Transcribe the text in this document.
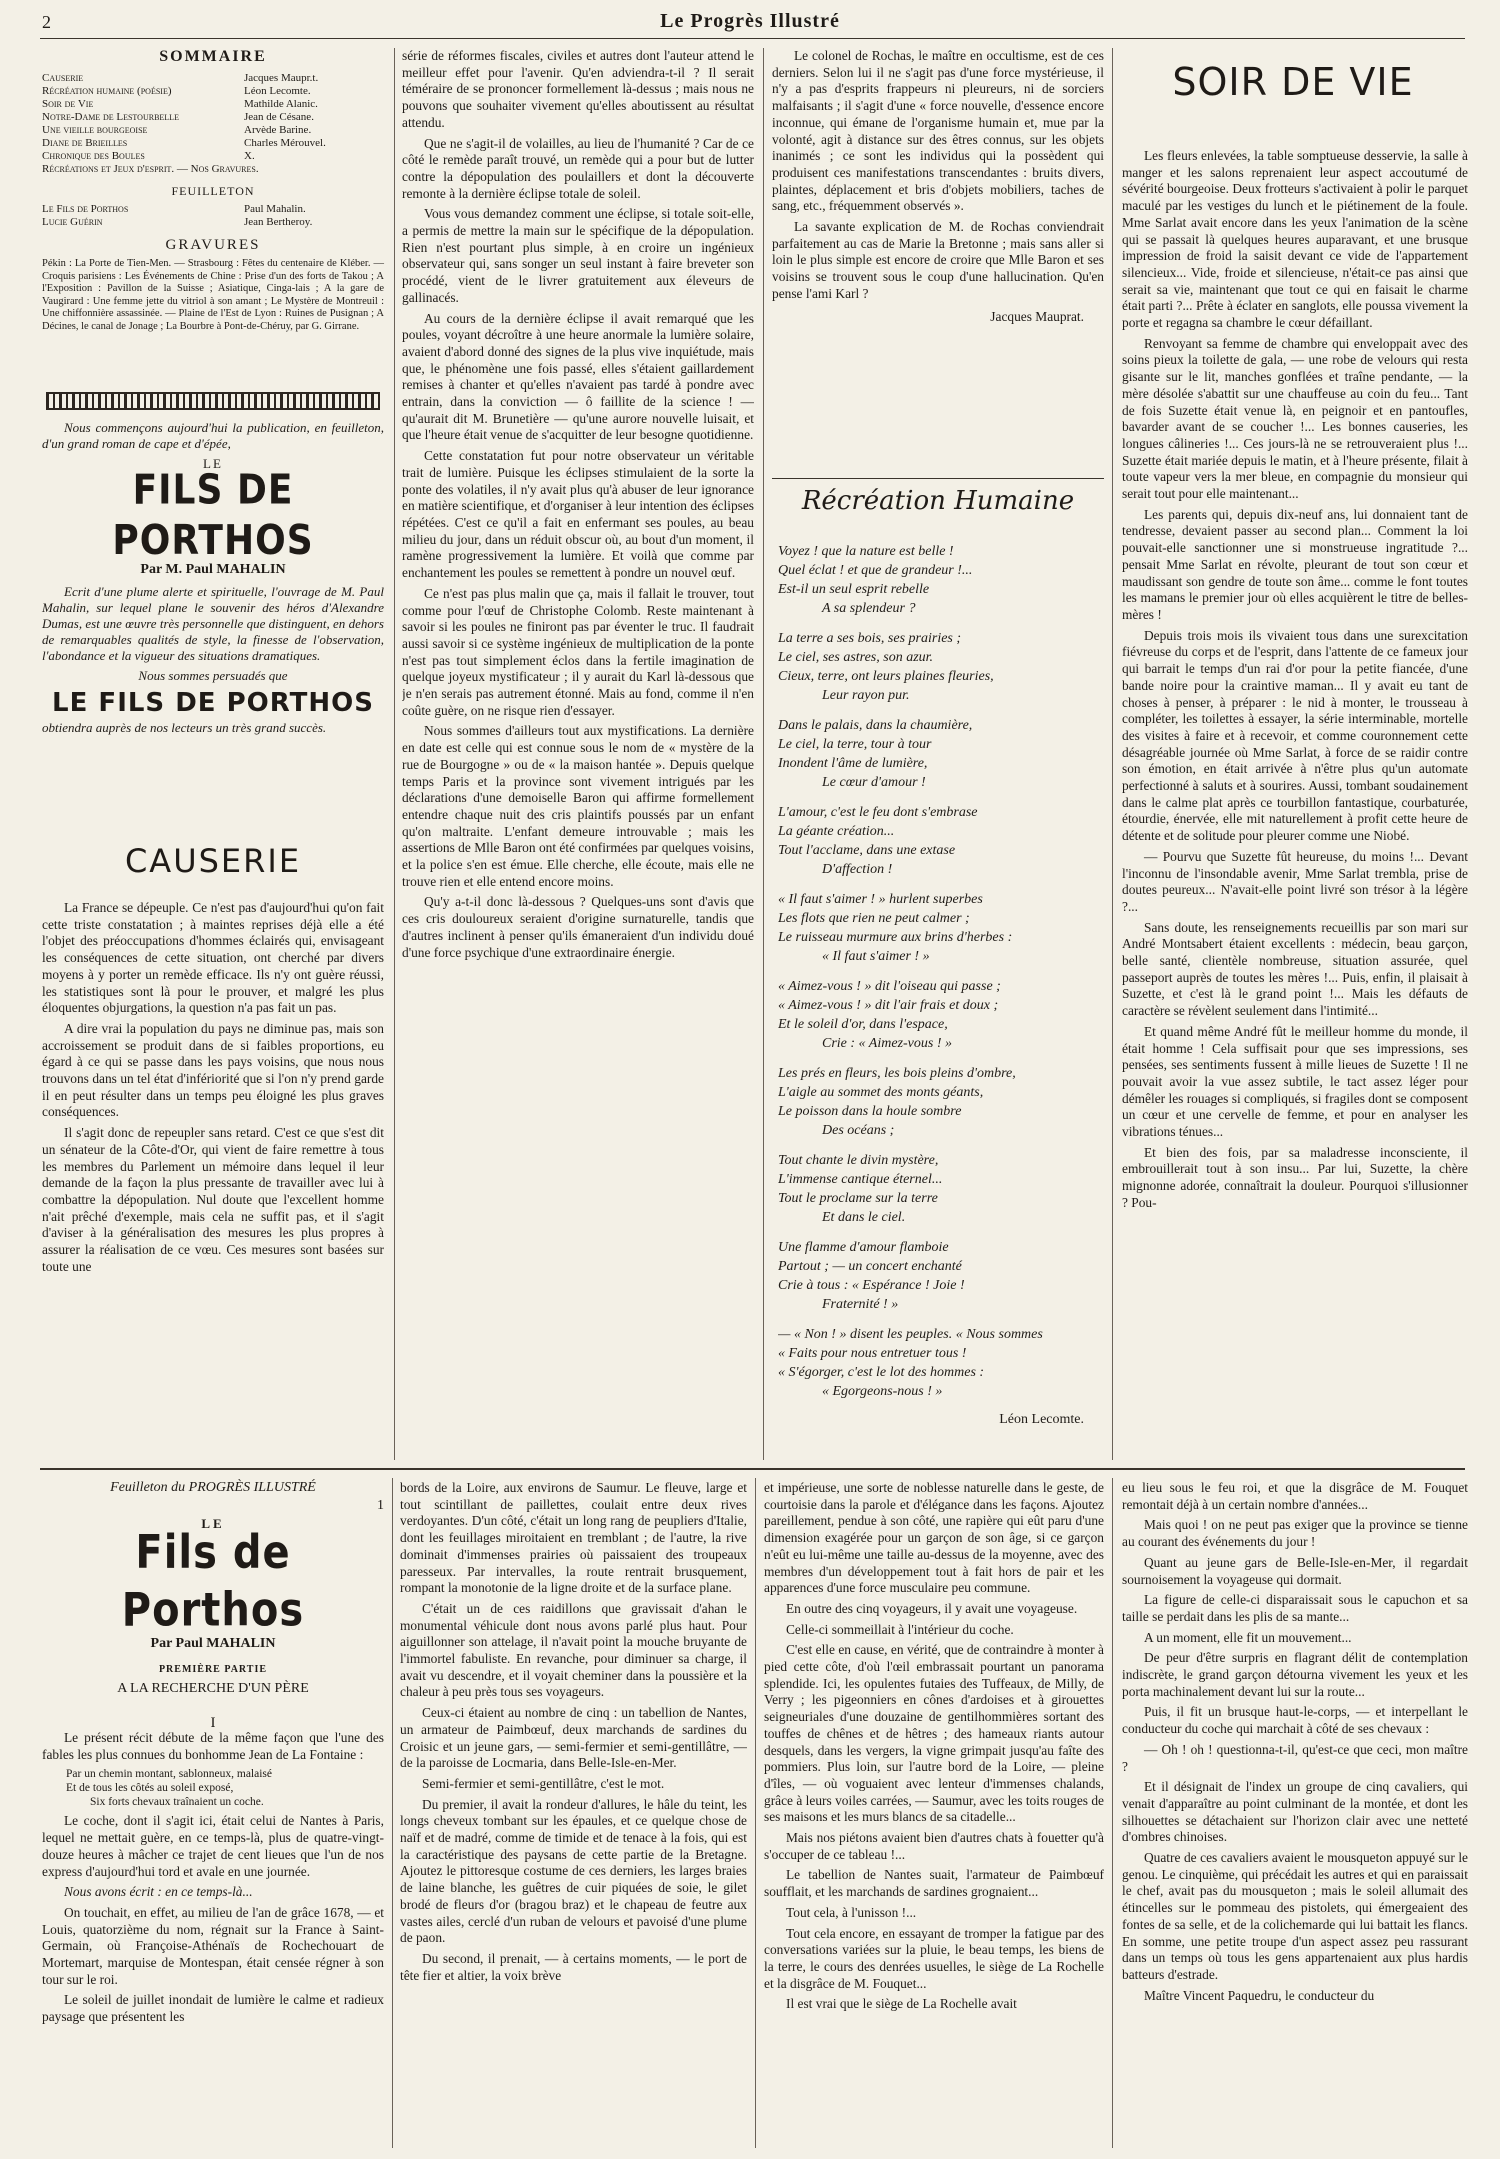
2	Le Progrès Illustré
SOMMAIRE
Causerie	Jacques Maupr.t.
Récréation humaine (poésie)	Léon Lecomte.
Soir de Vie	Mathilde Alanic.
Notre-Dame de Lestourbelle	Jean de Césane.
Une vieille bourgeoise	Arvède Barine.
Diane de Brieilles	Charles Mérouvel.
Chronique des Boules	X.
Récréations et Jeux d'esprit. — Nos Gravures.
FEUILLETON
Le Fils de Porthos	Paul Mahalin.
Lucie Guérin	Jean Bertheroy.
GRAVURES
Pékin : La Porte de Tien-Men. — Strasbourg : Fêtes du centenaire de Kléber. — Croquis parisiens : Les Événements de Chine : Prise d'un des forts de Takou ; A l'Exposition : Pavillon de la Suisse ; Asiatique, Cinga-lais ; A la gare de Vaugirard : Une femme jette du vitriol à son amant ; Le Mystère de Montreuil : Une chiffonnière assassinée. — Plaine de l'Est de Lyon : Ruines de Pusignan ; A Décines, le canal de Jonage ; La Bourbre à Pont-de-Chéruy, par G. Girrane.
Nous commençons aujourd'hui la publication, en feuilleton, d'un grand roman de cape et d'épée,
LE
FILS DE PORTHOS
Par M. Paul MAHALIN
Ecrit d'une plume alerte et spirituelle, l'ouvrage de M. Paul Mahalin, sur lequel plane le souvenir des héros d'Alexandre Dumas, est une œuvre très personnelle que distinguent, en dehors de remarquables qualités de style, la finesse de l'observation, l'abondance et la vigueur des situations dramatiques.
Nous sommes persuadés que
LE FILS DE PORTHOS
obtiendra auprès de nos lecteurs un très grand succès.
CAUSERIE

La France se dépeuple. Ce n'est pas d'aujourd'hui qu'on fait cette triste constatation ; à maintes reprises déjà elle a été l'objet des préoccupations d'hommes éclairés qui, envisageant les conséquences de cette situation, ont cherché par divers moyens à y porter un remède efficace. Ils n'y ont guère réussi, les statistiques sont là pour le prouver, et malgré les plus éloquentes objurgations, la question n'a pas fait un pas.

A dire vrai la population du pays ne diminue pas, mais son accroissement se produit dans de si faibles proportions, eu égard à ce qui se passe dans les pays voisins, que nous nous trouvons dans un tel état d'infériorité que si l'on n'y prend garde il en peut résulter dans un temps peu éloigné les plus graves conséquences.

Il s'agit donc de repeupler sans retard. C'est ce que s'est dit un sénateur de la Côte-d'Or, qui vient de faire remettre à tous les membres du Parlement un mémoire dans lequel il leur demande de la façon la plus pressante de travailler avec lui à combattre la dépopulation. Nul doute que l'excellent homme n'ait prêché d'exemple, mais cela ne suffit pas, et il s'agit d'aviser à la généralisation des mesures les plus propres à assurer la réalisation de ce vœu. Ces mesures sont basées sur toute une

série de réformes fiscales, civiles et autres dont l'auteur attend le meilleur effet pour l'avenir. Qu'en adviendra-t-il ? Il serait téméraire de se prononcer formellement là-dessus ; mais nous ne pouvons que souhaiter vivement qu'elles aboutissent au résultat attendu.

Que ne s'agit-il de volailles, au lieu de l'humanité ? Car de ce côté le remède paraît trouvé, un remède qui a pour but de lutter contre la dépopulation des poulaillers et dont la découverte remonte à la dernière éclipse totale de soleil.

Vous vous demandez comment une éclipse, si totale soit-elle, a permis de mettre la main sur le spécifique de la dépopulation. Rien n'est pourtant plus simple, à en croire un ingénieux observateur qui, sans songer un seul instant à faire breveter son procédé, vient de le livrer gratuitement aux éleveurs de gallinacés.

Au cours de la dernière éclipse il avait remarqué que les poules, voyant décroître à une heure anormale la lumière solaire, avaient d'abord donné des signes de la plus vive inquiétude, mais que, le phénomène une fois passé, elles s'étaient gaillardement remises à chanter et qu'elles n'avaient pas tardé à pondre avec entrain, dans la conviction — ô faillite de la science ! — qu'aurait dit M. Brunetière — qu'une aurore nouvelle luisait, et que l'heure était venue de s'acquitter de leur besogne quotidienne.

Cette constatation fut pour notre observateur un véritable trait de lumière. Puisque les éclipses stimulaient de la sorte la ponte des volatiles, il n'y avait plus qu'à abuser de leur ignorance en matière scientifique, et d'organiser à leur intention des éclipses répétées. C'est ce qu'il a fait en enfermant ses poules, au beau milieu du jour, dans un réduit obscur où, au bout d'un moment, il ramène progressivement la lumière. Et voilà que comme par enchantement les poules se remettent à pondre un nouvel œuf.

Ce n'est pas plus malin que ça, mais il fallait le trouver, tout comme pour l'œuf de Christophe Colomb. Reste maintenant à savoir si les poules ne finiront pas par éventer le truc. Il faudrait aussi savoir si ce système ingénieux de multiplication de la ponte n'est pas tout simplement éclos dans la fertile imagination de quelque joyeux mystificateur ; il y aurait du Karl là-dessous que je n'en serais pas autrement étonné. Mais au fond, comme il n'en coûte guère, on ne risque rien d'essayer.

Nous sommes d'ailleurs tout aux mystifications. La dernière en date est celle qui est connue sous le nom de « mystère de la rue de Bourgogne » ou de « la maison hantée ». Depuis quelque temps Paris et la province sont vivement intrigués par les déclarations d'une demoiselle Baron qui affirme formellement entendre chaque nuit des cris plaintifs poussés par un enfant qu'on maltraite. L'enfant demeure introuvable ; mais les assertions de Mlle Baron ont été confirmées par quelques voisins, et la police s'en est émue. Elle cherche, elle écoute, mais elle ne trouve rien et elle entend encore moins.

Qu'y a-t-il donc là-dessous ? Quelques-uns sont d'avis que ces cris douloureux seraient d'origine surnaturelle, tandis que d'autres inclinent à penser qu'ils émaneraient d'un individu doué d'une force psychique d'une extraordinaire énergie.

Le colonel de Rochas, le maître en occultisme, est de ces derniers. Selon lui il ne s'agit pas d'une force mystérieuse, il n'y a pas d'esprits frappeurs ni pleureurs, ni de sorciers malfaisants ; il s'agit d'une « force nouvelle, d'essence encore inconnue, qui émane de l'organisme humain et, mue par la volonté, agit à distance sur des êtres connus, sur les objets inanimés ; ce sont les individus qui la possèdent qui produisent ces manifestations transcendantes : bruits divers, plaintes, déplacement et bris d'objets mobiliers, taches de sang, etc., fréquemment observés ».

La savante explication de M. de Rochas conviendrait parfaitement au cas de Marie la Bretonne ; mais sans aller si loin le plus simple est encore de croire que Mlle Baron et ses voisins se trouvent sous le coup d'une hallucination. Qu'en pense l'ami Karl ?

Jacques Mauprat.
Récréation Humaine

Voyez ! que la nature est belle !

Quel éclat ! et que de grandeur !...

Est-il un seul esprit rebelle

A sa splendeur ?

La terre a ses bois, ses prairies ;

Le ciel, ses astres, son azur.

Cieux, terre, ont leurs plaines fleuries,

Leur rayon pur.

Dans le palais, dans la chaumière,

Le ciel, la terre, tour à tour

Inondent l'âme de lumière,

Le cœur d'amour !

L'amour, c'est le feu dont s'embrase

La géante création...

Tout l'acclame, dans une extase

D'affection !

« Il faut s'aimer ! » hurlent superbes

Les flots que rien ne peut calmer ;

Le ruisseau murmure aux brins d'herbes :

« Il faut s'aimer ! »

« Aimez-vous ! » dit l'oiseau qui passe ;

« Aimez-vous ! » dit l'air frais et doux ;

Et le soleil d'or, dans l'espace,

Crie : « Aimez-vous ! »

Les prés en fleurs, les bois pleins d'ombre,

L'aigle au sommet des monts géants,

Le poisson dans la houle sombre

Des océans ;

Tout chante le divin mystère,

L'immense cantique éternel...

Tout le proclame sur la terre

Et dans le ciel.

Une flamme d'amour flamboie

Partout ; — un concert enchanté

Crie à tous : « Espérance ! Joie !

Fraternité ! »

— « Non ! » disent les peuples. « Nous sommes

« Faits pour nous entretuer tous !

« S'égorger, c'est le lot des hommes :

« Egorgeons-nous ! »

Léon Lecomte.
SOIR DE VIE

Les fleurs enlevées, la table somptueuse desservie, la salle à manger et les salons reprenaient leur aspect accoutumé de sévérité bourgeoise. Deux frotteurs s'activaient à polir le parquet maculé par les vestiges du lunch et le piétinement de la foule. Mme Sarlat avait encore dans les yeux l'animation de la scène qui se passait là quelques heures auparavant, et une brusque impression de froid la saisit devant ce vide de l'appartement silencieux... Vide, froide et silencieuse, n'était-ce pas ainsi que serait sa vie, maintenant que tout ce qui en faisait le charme était parti ?... Prête à éclater en sanglots, elle poussa vivement la porte et regagna sa chambre le cœur défaillant.

Renvoyant sa femme de chambre qui enveloppait avec des soins pieux la toilette de gala, — une robe de velours qui resta gisante sur le lit, manches gonflées et traîne pendante, — la mère désolée s'abattit sur une chauffeuse au coin du feu... Tant de fois Suzette était venue là, en peignoir et en pantoufles, bavarder avant de se coucher !... Les bonnes causeries, les longues câlineries !... Ces jours-là ne se retrouveraient plus !... Suzette était mariée depuis le matin, et à l'heure présente, filait à toute vapeur vers la mer bleue, en compagnie du monsieur qui serait tout pour elle maintenant...

Les parents qui, depuis dix-neuf ans, lui donnaient tant de tendresse, devaient passer au second plan... Comment la loi pouvait-elle sanctionner une si monstrueuse ingratitude ?... pensait Mme Sarlat en révolte, pleurant de tout son cœur et maudissant son gendre de toute son âme... comme le font toutes les mamans le premier jour où elles acquièrent le titre de belles-mères !

Depuis trois mois ils vivaient tous dans une surexcitation fiévreuse du corps et de l'esprit, dans l'attente de ce fameux jour qui barrait le temps d'un rai d'or pour la petite fiancée, d'une bande noire pour la craintive maman... Il y avait eu tant de choses à penser, à préparer : le nid à monter, le trousseau à compléter, les toilettes à essayer, la série interminable, mortelle des visites à faire et à recevoir, et comme couronnement cette désagréable journée où Mme Sarlat, à force de se raidir contre son émotion, en était arrivée à n'être plus qu'un automate perfectionné à saluts et à sourires. Aussi, tombant soudainement dans le calme plat après ce tourbillon fantastique, courbaturée, étourdie, énervée, elle mit naturellement à profit cette heure de détente et de solitude pour pleurer comme une Niobé.

— Pourvu que Suzette fût heureuse, du moins !... Devant l'inconnu de l'insondable avenir, Mme Sarlat trembla, prise de doutes peureux... N'avait-elle point livré son trésor à la légère ?...

Sans doute, les renseignements recueillis par son mari sur André Montsabert étaient excellents : médecin, beau garçon, belle santé, clientèle nombreuse, situation assurée, quel passeport auprès de toutes les mères !... Puis, enfin, il plaisait à Suzette, et c'est là le grand point !... Mais les défauts de caractère se révèlent seulement dans l'intimité...

Et quand même André fût le meilleur homme du monde, il était homme ! Cela suffisait pour que ses impressions, ses pensées, ses sentiments fussent à mille lieues de Suzette ! Il ne pouvait avoir la vue assez subtile, le tact assez léger pour démêler les rouages si compliqués, si fragiles dont se composent un cœur et une cervelle de femme, et pour en analyser les vibrations ténues...

Et bien des fois, par sa maladresse inconsciente, il embrouillerait tout à son insu... Par lui, Suzette, la chère mignonne adorée, connaîtrait la douleur. Pourquoi s'illusionner ? Pou-

Feuilleton du PROGRÈS ILLUSTRÉ
1
LE
Fils de Porthos
Par Paul MAHALIN
PREMIÈRE PARTIE
A LA RECHERCHE D'UN PÈRE
I

Le présent récit débute de la même façon que l'une des fables les plus connues du bonhomme Jean de La Fontaine :

Par un chemin montant, sablonneux, malaisé
Et de tous les côtés au soleil exposé,
Six forts chevaux traînaient un coche.

Le coche, dont il s'agit ici, était celui de Nantes à Paris, lequel ne mettait guère, en ce temps-là, plus de quatre-vingt-douze heures à mâcher ce trajet de cent lieues que l'un de nos express d'aujourd'hui tord et avale en une journée.

Nous avons écrit : en ce temps-là...

On touchait, en effet, au milieu de l'an de grâce 1678, — et Louis, quatorzième du nom, régnait sur la France à Saint-Germain, où Françoise-Athénaïs de Rochechouart de Mortemart, marquise de Montespan, était censée régner à son tour sur le roi.

Le soleil de juillet inondait de lumière le calme et radieux paysage que présentent les

bords de la Loire, aux environs de Saumur. Le fleuve, large et tout scintillant de paillettes, coulait entre deux rives verdoyantes. D'un côté, c'était un long rang de peupliers d'Italie, dont les feuillages miroitaient en tremblant ; de l'autre, la rive dominait d'immenses prairies où paissaient des troupeaux paresseux. Par intervalles, la route rentrait brusquement, rompant la monotonie de la ligne droite et de la surface plane.

C'était un de ces raidillons que gravissait d'ahan le monumental véhicule dont nous avons parlé plus haut. Pour aiguillonner son attelage, il n'avait point la mouche bruyante de l'immortel fabuliste. En revanche, pour diminuer sa charge, il avait vu descendre, et il voyait cheminer dans la poussière et la chaleur à peu près tous ses voyageurs.

Ceux-ci étaient au nombre de cinq : un tabellion de Nantes, un armateur de Paimbœuf, deux marchands de sardines du Croisic et un jeune gars, — semi-fermier et semi-gentillâtre, — de la paroisse de Locmaria, dans Belle-Isle-en-Mer.

Semi-fermier et semi-gentillâtre, c'est le mot.

Du premier, il avait la rondeur d'allures, le hâle du teint, les longs cheveux tombant sur les épaules, et ce quelque chose de naïf et de madré, comme de timide et de tenace à la fois, qui est la caractéristique des paysans de cette partie de la Bretagne. Ajoutez le pittoresque costume de ces derniers, les larges braies de laine blanche, les guêtres de cuir piquées de soie, le gilet brodé de fleurs d'or (bragou braz) et le chapeau de feutre aux vastes ailes, cerclé d'un ruban de velours et pavoisé d'une plume de paon.

Du second, il prenait, — à certains moments, — le port de tête fier et altier, la voix brève

et impérieuse, une sorte de noblesse naturelle dans le geste, de courtoisie dans la parole et d'élégance dans les façons. Ajoutez pareillement, pendue à son côté, une rapière qui eût paru d'une dimension exagérée pour un garçon de son âge, si ce garçon n'eût eu lui-même une taille au-dessus de la moyenne, avec des membres d'un développement tout à fait hors de pair et les apparences d'une force musculaire peu commune.

En outre des cinq voyageurs, il y avait une voyageuse.

Celle-ci sommeillait à l'intérieur du coche.

C'est elle en cause, en vérité, que de contraindre à monter à pied cette côte, d'où l'œil embrassait pourtant un panorama splendide. Ici, les opulentes futaies des Tuffeaux, de Milly, de Verry ; les pigeonniers en cônes d'ardoises et à girouettes seigneuriales d'une douzaine de gentilhommières sortant des touffes de chênes et de hêtres ; des hameaux riants autour desquels, dans les vergers, la vigne grimpait jusqu'au faîte des pommiers. Plus loin, sur l'autre bord de la Loire, — pleine d'îles, — où voguaient avec lenteur d'immenses chalands, grâce à leurs voiles carrées, — Saumur, avec les toits rouges de ses maisons et les murs blancs de sa citadelle...

Mais nos piétons avaient bien d'autres chats à fouetter qu'à s'occuper de ce tableau !...

Le tabellion de Nantes suait, l'armateur de Paimbœuf soufflait, et les marchands de sardines grognaient...

Tout cela, à l'unisson !...

Tout cela encore, en essayant de tromper la fatigue par des conversations variées sur la pluie, le beau temps, les biens de la terre, le cours des denrées usuelles, le siège de La Rochelle et la disgrâce de M. Fouquet...

Il est vrai que le siège de La Rochelle avait

eu lieu sous le feu roi, et que la disgrâce de M. Fouquet remontait déjà à un certain nombre d'années...

Mais quoi ! on ne peut pas exiger que la province se tienne au courant des événements du jour !

Quant au jeune gars de Belle-Isle-en-Mer, il regardait sournoisement la voyageuse qui dormait.

La figure de celle-ci disparaissait sous le capuchon et sa taille se perdait dans les plis de sa mante...

A un moment, elle fit un mouvement...

De peur d'être surpris en flagrant délit de contemplation indiscrète, le grand garçon détourna vivement les yeux et les porta machinalement devant lui sur la route...

Puis, il fit un brusque haut-le-corps, — et interpellant le conducteur du coche qui marchait à côté de ses chevaux :

— Oh ! oh ! questionna-t-il, qu'est-ce que ceci, mon maître ?

Et il désignait de l'index un groupe de cinq cavaliers, qui venait d'apparaître au point culminant de la montée, et dont les silhouettes se détachaient sur l'horizon clair avec une netteté d'ombres chinoises.

Quatre de ces cavaliers avaient le mousqueton appuyé sur le genou. Le cinquième, qui précédait les autres et qui en paraissait le chef, avait pas du mousqueton ; mais le soleil allumait des étincelles sur le pommeau des pistolets, qui émergeaient des fontes de sa selle, et de la colichemarde qui lui battait les flancs. En somme, une petite troupe d'un aspect assez peu rassurant dans un temps où tous les gens appartenaient aux plus hardis batteurs d'estrade.

Maître Vincent Paquedru, le conducteur du
